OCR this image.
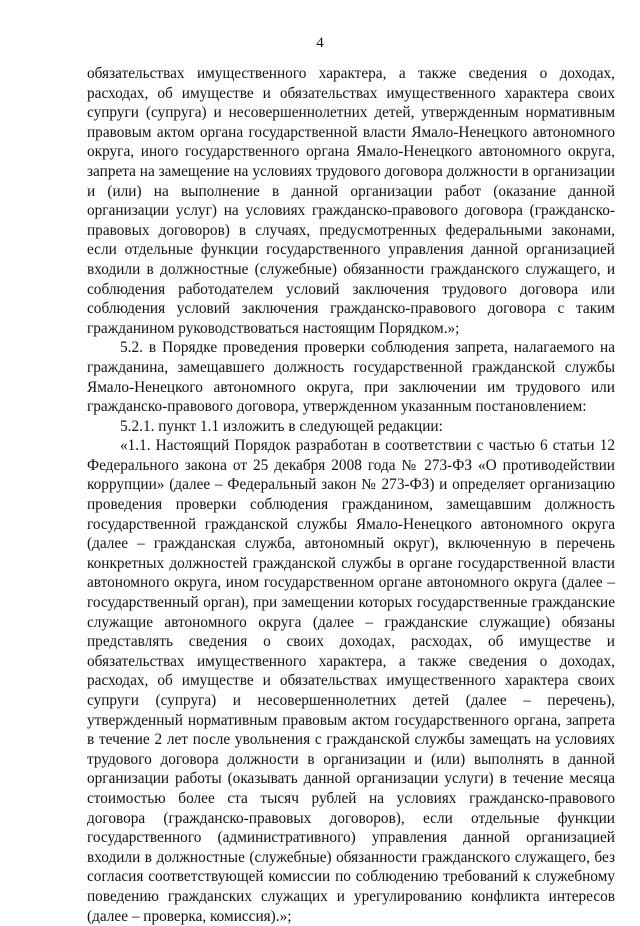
4

обязательствах имущественного характера, а также сведения о доходах, расходах, об имуществе и обязательствах имущественного характера своих супруги (супруга) и несовершеннолетних детей, утвержденным нормативным правовым актом органа государственной власти Ямало-Ненецкого автономного округа, иного государственного органа Ямало-Ненецкого автономного округа, запрета на замещение на условиях трудового договора должности в организации и (или) на выполнение в данной организации работ (оказание данной организации услуг) на условиях гражданско-правового договора (гражданско-правовых договоров) в случаях, предусмотренных федеральными законами, если отдельные функции государственного управления данной организацией входили в должностные (служебные) обязанности гражданского служащего, и соблюдения работодателем условий заключения трудового договора или соблюдения условий заключения гражданско-правового договора с таким гражданином руководствоваться настоящим Порядком.»;

5.2. в Порядке проведения проверки соблюдения запрета, налагаемого на гражданина, замещавшего должность государственной гражданской службы Ямало-Ненецкого автономного округа, при заключении им трудового или гражданско-правового договора, утвержденном указанным постановлением:

5.2.1. пункт 1.1 изложить в следующей редакции:

«1.1. Настоящий Порядок разработан в соответствии с частью 6 статьи 12 Федерального закона от 25 декабря 2008 года № 273-ФЗ «О противодействии коррупции» (далее – Федеральный закон № 273-ФЗ) и определяет организацию проведения проверки соблюдения гражданином, замещавшим должность государственной гражданской службы Ямало-Ненецкого автономного округа (далее – гражданская служба, автономный округ), включенную в перечень конкретных должностей гражданской службы в органе государственной власти автономного округа, ином государственном органе автономного округа (далее – государственный орган), при замещении которых государственные гражданские служащие автономного округа (далее – гражданские служащие) обязаны представлять сведения о своих доходах, расходах, об имуществе и обязательствах имущественного характера, а также сведения о доходах, расходах, об имуществе и обязательствах имущественного характера своих супруги (супруга) и несовершеннолетних детей (далее – перечень), утвержденный нормативным правовым актом государственного органа, запрета в течение 2 лет после увольнения с гражданской службы замещать на условиях трудового договора должности в организации и (или) выполнять в данной организации работы (оказывать данной организации услуги) в течение месяца стоимостью более ста тысяч рублей на условиях гражданско-правового договора (гражданско-правовых договоров), если отдельные функции государственного (административного) управления данной организацией входили в должностные (служебные) обязанности гражданского служащего, без согласия соответствующей комиссии по соблюдению требований к служебному поведению гражданских служащих и урегулированию конфликта интересов (далее – проверка, комиссия).»;
